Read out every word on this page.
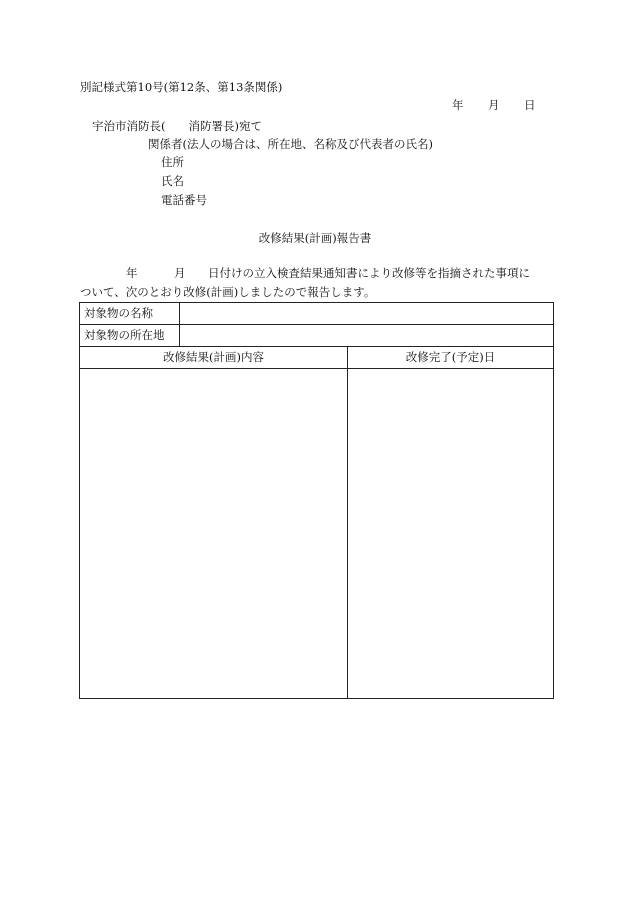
別記様式第10号(第12条、第13条関係)
年 月 日
宇治市消防長(　　消防署長)宛て
関係者(法人の場合は、所在地、名称及び代表者の氏名)
住所
氏名
電話番号
改修結果(計画)報告書
年	月 日付けの立入検査結果通知書により改修等を指摘された事項に
ついて、次のとおり改修(計画)しましたので報告します。
対象物の名称		
対象物の所在地		
改修結果(計画)内容		改修完了(予定)日
